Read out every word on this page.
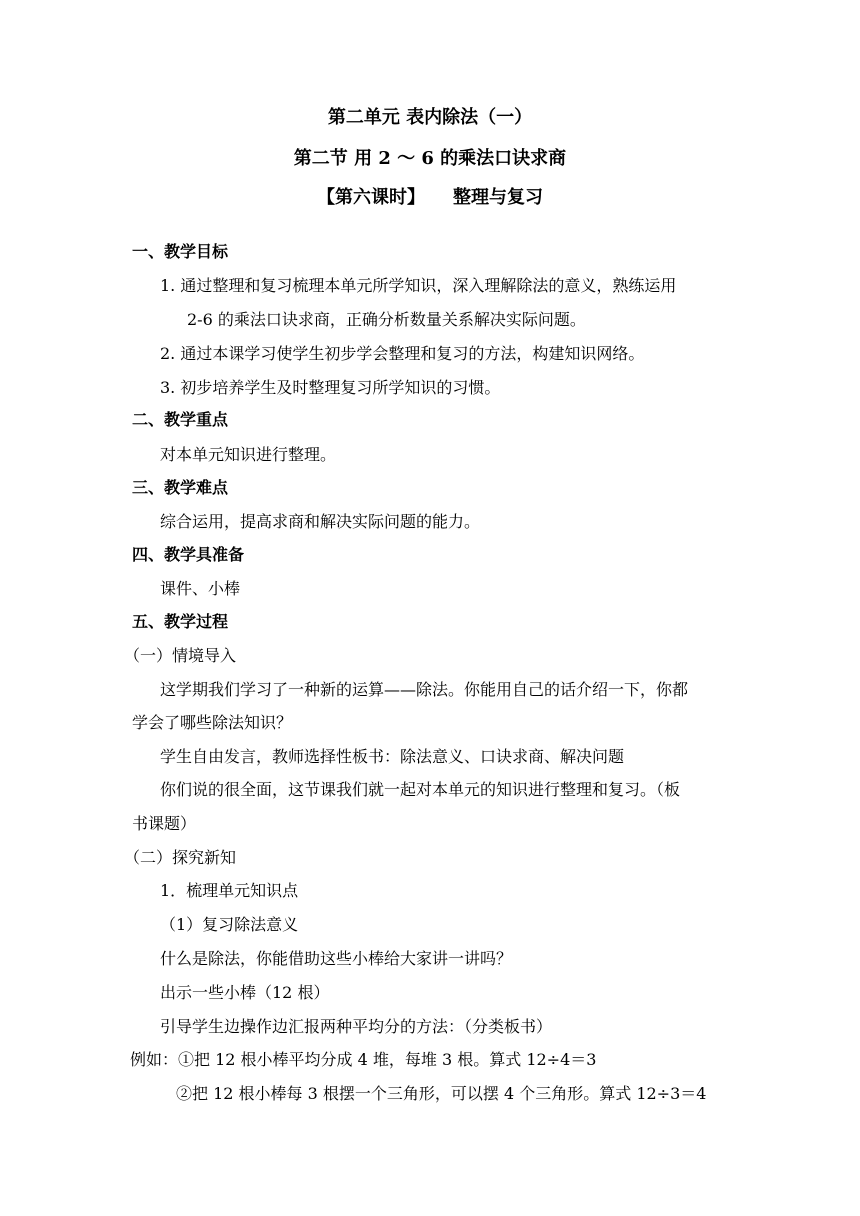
第二单元 表内除法（一）
第二节 用 2 ～ 6 的乘法口诀求商
【第六课时】 整理与复习
一、教学目标
1. 通过整理和复习梳理本单元所学知识，深入理解除法的意义，熟练运用
2-6 的乘法口诀求商，正确分析数量关系解决实际问题。
2. 通过本课学习使学生初步学会整理和复习的方法，构建知识网络。
3. 初步培养学生及时整理复习所学知识的习惯。
二、教学重点
对本单元知识进行整理。
三、教学难点
综合运用，提高求商和解决实际问题的能力。
四、教学具准备
课件、小棒
五、教学过程
（一）情境导入
这学期我们学习了一种新的运算——除法。你能用自己的话介绍一下，你都
学会了哪些除法知识？
学生自由发言，教师选择性板书：除法意义、口诀求商、解决问题
你们说的很全面，这节课我们就一起对本单元的知识进行整理和复习。（板
书课题）
（二）探究新知
1．梳理单元知识点
（1）复习除法意义
什么是除法，你能借助这些小棒给大家讲一讲吗？
出示一些小棒（12 根）
引导学生边操作边汇报两种平均分的方法：（分类板书）
例如：①把 12 根小棒平均分成 4 堆，每堆 3 根。算式 12÷4＝3
②把 12 根小棒每 3 根摆一个三角形，可以摆 4 个三角形。算式 12÷3＝4
